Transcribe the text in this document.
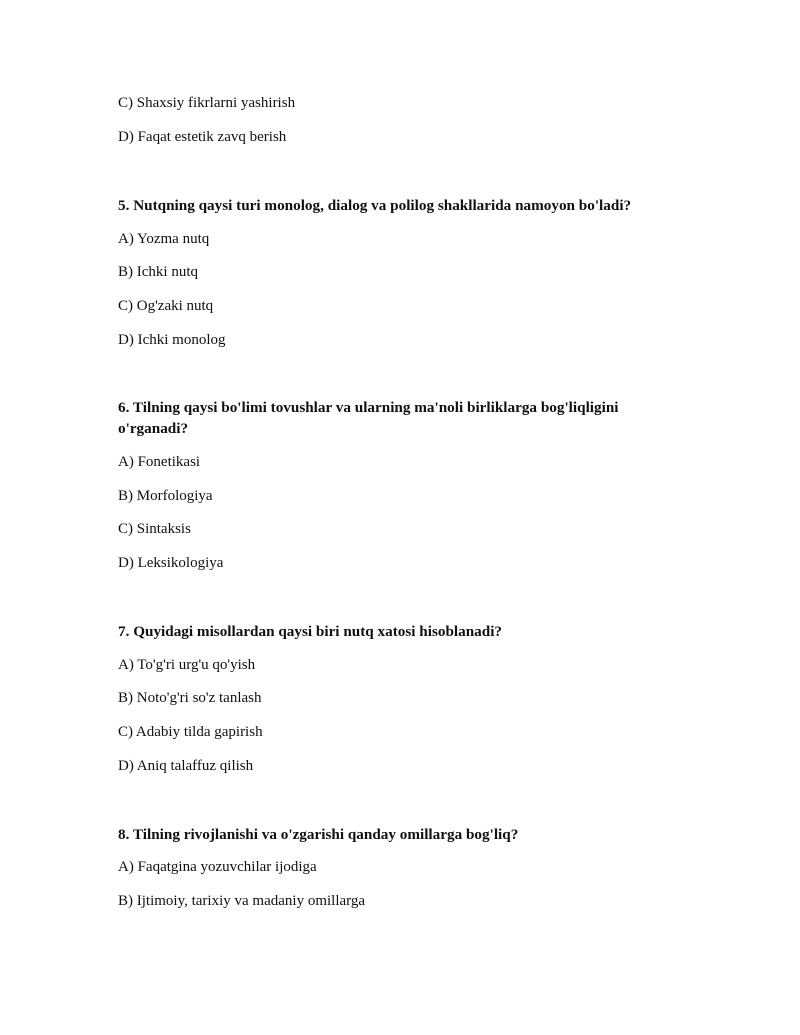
C) Shaxsiy fikrlarni yashirish
D) Faqat estetik zavq berish
5. Nutqning qaysi turi monolog, dialog va polilog shakllarida namoyon bo'ladi?
A) Yozma nutq
B) Ichki nutq
C) Og'zaki nutq
D) Ichki monolog
6. Tilning qaysi bo'limi tovushlar va ularning ma'noli birliklarga bog'liqligini o'rganadi?
A) Fonetikasi
B) Morfologiya
C) Sintaksis
D) Leksikologiya
7. Quyidagi misollardan qaysi biri nutq xatosi hisoblanadi?
A) To'g'ri urg'u qo'yish
B) Noto'g'ri so'z tanlash
C) Adabiy tilda gapirish
D) Aniq talaffuz qilish
8. Tilning rivojlanishi va o'zgarishi qanday omillarga bog'liq?
A) Faqatgina yozuvchilar ijodiga
B) Ijtimoiy, tarixiy va madaniy omillarga
